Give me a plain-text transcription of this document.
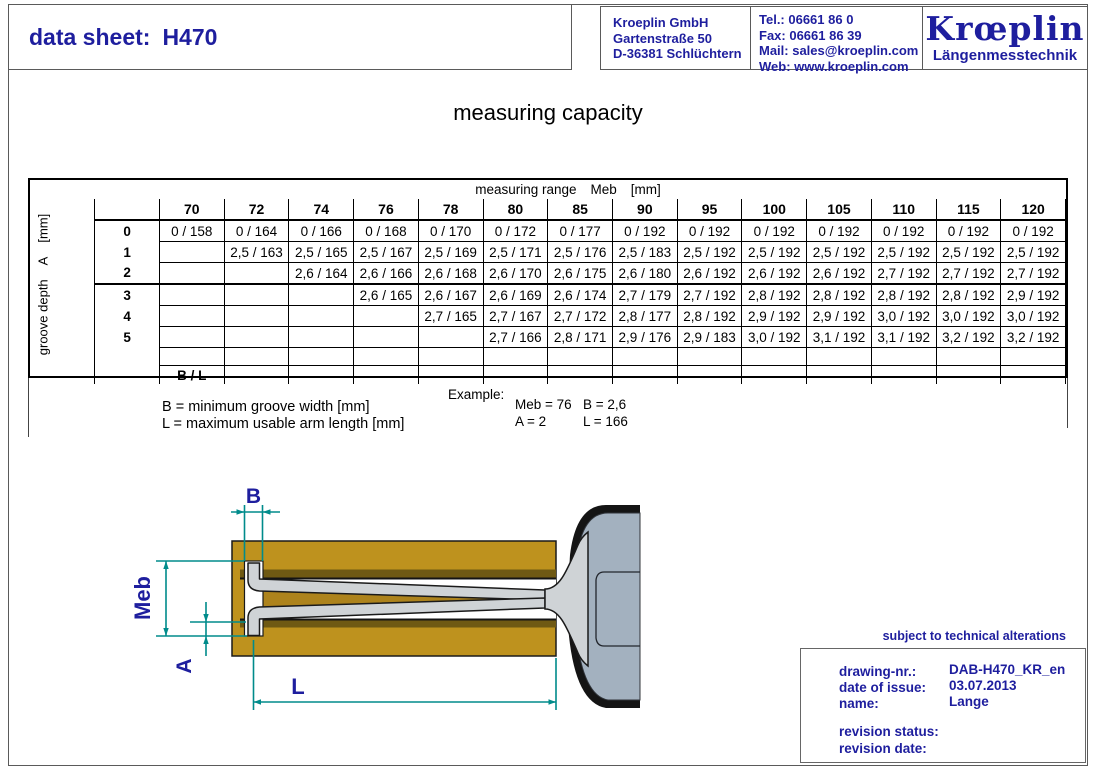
data sheet: H470
Kroeplin GmbH
Gartenstraße 50
D-36381 Schlüchtern
Tel.: 06661 86 0
Fax: 06661 86 39
Mail: sales@kroeplin.com
Web: www.kroeplin.com
Krœplin
Längenmesstechnik
measuring capacity
measuring range Meb [mm]
		70	72	74	76	78	80	85	90	95	100	105	110	115	120
	0	0 / 158	0 / 164	0 / 166	0 / 168	0 / 170	0 / 172	0 / 177	0 / 192	0 / 192	0 / 192	0 / 192	0 / 192	0 / 192	0 / 192
	1		2,5 / 163	2,5 / 165	2,5 / 167	2,5 / 169	2,5 / 171	2,5 / 176	2,5 / 183	2,5 / 192	2,5 / 192	2,5 / 192	2,5 / 192	2,5 / 192	2,5 / 192
	2			2,6 / 164	2,6 / 166	2,6 / 168	2,6 / 170	2,6 / 175	2,6 / 180	2,6 / 192	2,6 / 192	2,6 / 192	2,7 / 192	2,7 / 192	2,7 / 192
	3				2,6 / 165	2,6 / 167	2,6 / 169	2,6 / 174	2,7 / 179	2,7 / 192	2,8 / 192	2,8 / 192	2,8 / 192	2,8 / 192	2,9 / 192
	4					2,7 / 165	2,7 / 167	2,7 / 172	2,8 / 177	2,8 / 192	2,9 / 192	2,9 / 192	3,0 / 192	3,0 / 192	3,0 / 192
	5						2,7 / 166	2,8 / 171	2,9 / 176	2,9 / 183	3,0 / 192	3,1 / 192	3,1 / 192	3,2 / 192	3,2 / 192

		B / L													
groove depth
A
[mm]
B = minimum groove width [mm]
L = maximum usable arm length [mm]
Example:
Meb = 76 B = 2,6
A = 2	L = 166
B
Meb
A
L
subject to technical alterations
drawing-nr.: DAB-H470_KR_en
date of issue: 03.07.2013
name:	Lange
revision status:
revision date:
